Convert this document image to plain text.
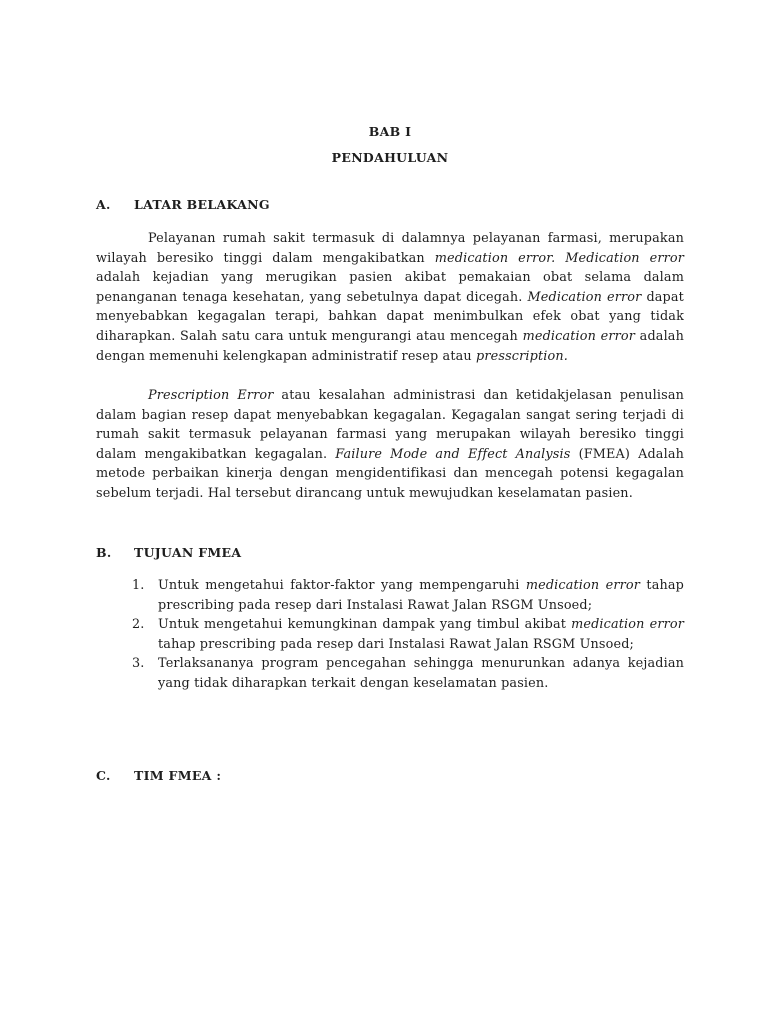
BAB I
PENDAHULUAN
A. LATAR BELAKANG

Pelayanan rumah sakit termasuk di dalamnya pelayanan farmasi, merupakan wilayah beresiko tinggi dalam mengakibatkan medication error. Medication error adalah kejadian yang merugikan pasien akibat pemakaian obat selama dalam penanganan tenaga kesehatan, yang sebetulnya dapat dicegah. Medication error dapat menyebabkan kegagalan terapi, bahkan dapat menimbulkan efek obat yang tidak diharapkan. Salah satu cara untuk mengurangi atau mencegah medication error adalah dengan memenuhi kelengkapan administratif resep atau presscription.

Prescription Error atau kesalahan administrasi dan ketidakjelasan penulisan dalam bagian resep dapat menyebabkan kegagalan. Kegagalan sangat sering terjadi di rumah sakit termasuk pelayanan farmasi yang merupakan wilayah beresiko tinggi dalam mengakibatkan kegagalan. Failure Mode and Effect Analysis (FMEA) Adalah metode perbaikan kinerja dengan mengidentifikasi dan mencegah potensi kegagalan sebelum terjadi. Hal tersebut dirancang untuk mewujudkan keselamatan pasien.

B. TUJUAN FMEA
1. Untuk mengetahui faktor-faktor yang mempengaruhi medication error tahap prescribing pada resep dari Instalasi Rawat Jalan RSGM Unsoed;
2. Untuk mengetahui kemungkinan dampak yang timbul akibat medication error tahap prescribing pada resep dari Instalasi Rawat Jalan RSGM Unsoed;
3. Terlaksananya program pencegahan sehingga menurunkan adanya kejadian yang tidak diharapkan terkait dengan keselamatan pasien.
C. TIM FMEA :
